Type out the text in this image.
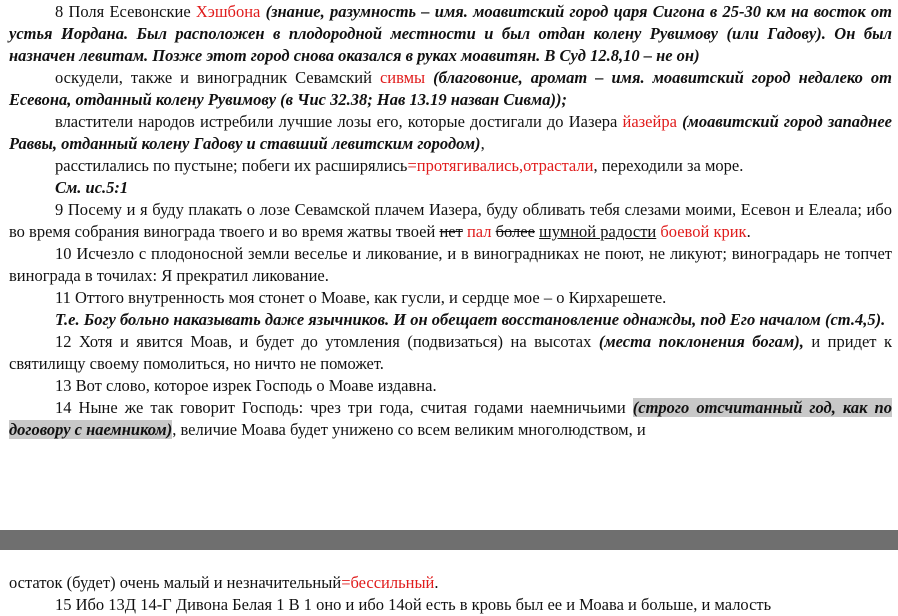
8 Поля Есевонские Хэшбона (знание, разумность – имя. моавитский город царя Сигона в 25-30 км на восток от устья Иордана. Был расположен в плодородной местности и был отдан колену Рувимову (или Гадову). Он был назначен левитам. Позже этот город снова оказался в руках моавитян. В Суд 12.8,10 – не он)

оскудели, также и виноградник Севамский сивмы (благовоние, аромат – имя. моавитский город недалеко от Есевона, отданный колену Рувимову (в Чис 32.38; Нав 13.19 назван Сивма));

властители народов истребили лучшие лозы его, которые достигали до Иазера йазейра (моавитский город западнее Раввы, отданный колену Гадову и ставший левитским городом),

расстилались по пустыне; побеги их расширялись=протягивались,отрастали, переходили за море.

См. ис.5:1

9 Посему и я буду плакать о лозе Севамской плачем Иазера, буду обливать тебя слезами моими, Есевон и Елеала; ибо во время собрания винограда твоего и во время жатвы твоей нет пал более шумной радости боевой крик.

10 Исчезло с плодоносной земли веселье и ликование, и в виноградниках не поют, не ликуют; виноградарь не топчет винограда в точилах: Я прекратил ликование.

11 Оттого внутренность моя стонет о Моаве, как гусли, и сердце мое – о Кирхарешете.

Т.е. Богу больно наказывать даже язычников. И он обещает восстановление однажды, под Его началом (ст.4,5).

12 Хотя и явится Моав, и будет до утомления (подвизаться) на высотах (места поклонения богам), и придет к святилищу своему помолиться, но ничто не поможет.

13 Вот слово, которое изрек Господь о Моаве издавна.

14 Ныне же так говорит Господь: чрез три года, считая годами наемничьими (строго отсчитанный год, как по договору с наемником), величие Моава будет унижено со всем великим многолюдством, и

остаток (будет) очень малый и незначительный=бессильный.

15 Ибо 13Д 14-Г Дивона Белая 1 В 1 оно и ибо 14ой есть в кровь был ее и Моава и больше, и малость
